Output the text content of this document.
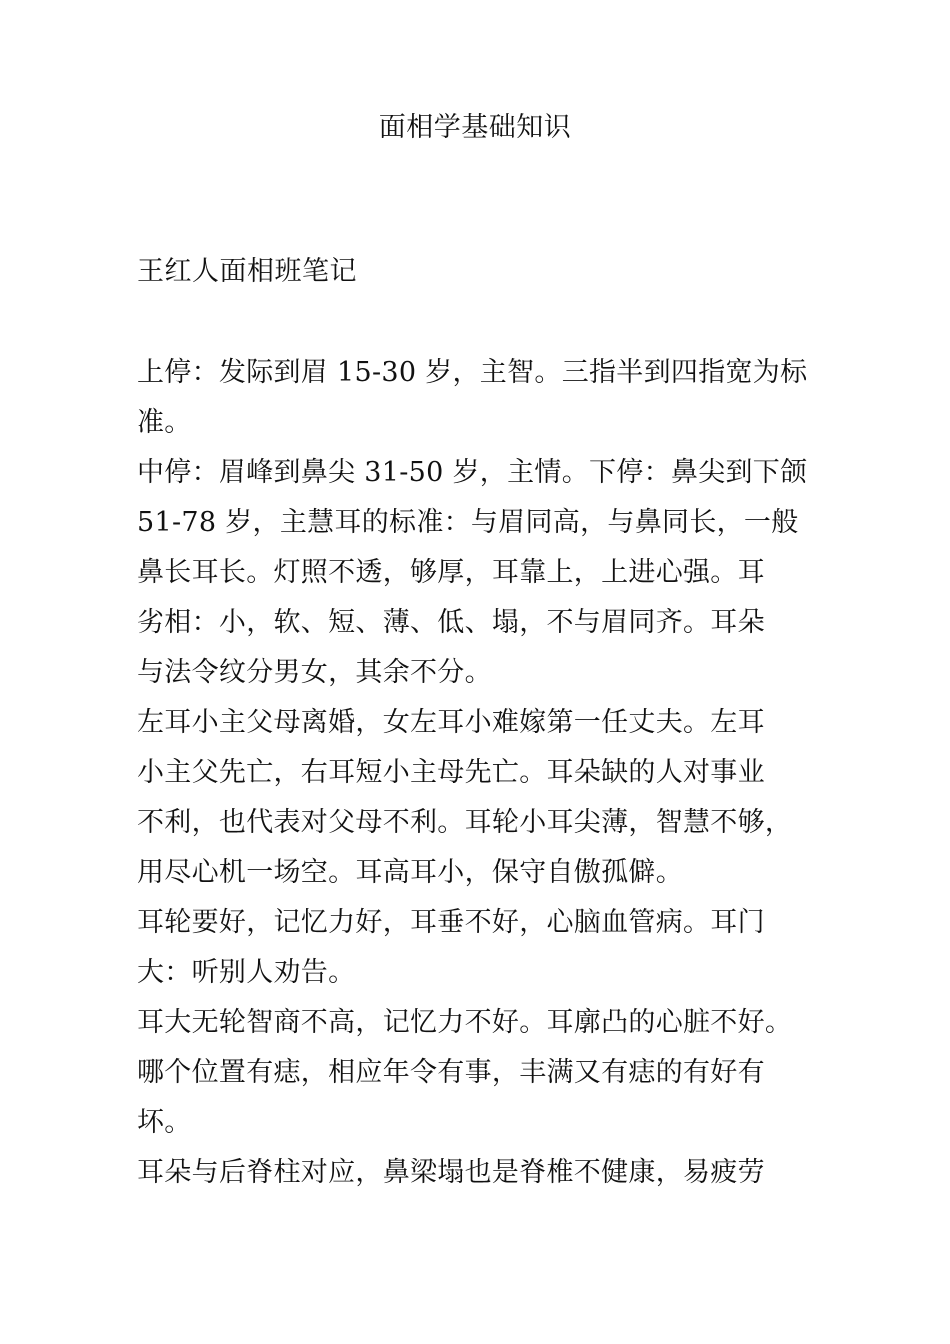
面相学基础知识
王红人面相班笔记
上停：发际到眉 15-30 岁，主智。三指半到四指宽为标
准。
中停：眉峰到鼻尖 31-50 岁，主情。下停：鼻尖到下颌
51-78 岁，主慧耳的标准：与眉同高，与鼻同长，一般
鼻长耳长。灯照不透，够厚，耳靠上，上进心强。耳
劣相：小，软、短、薄、低、塌，不与眉同齐。耳朵
与法令纹分男女，其余不分。
左耳小主父母离婚，女左耳小难嫁第一任丈夫。左耳
小主父先亡，右耳短小主母先亡。耳朵缺的人对事业
不利，也代表对父母不利。耳轮小耳尖薄，智慧不够，
用尽心机一场空。耳高耳小，保守自傲孤僻。
耳轮要好，记忆力好，耳垂不好，心脑血管病。耳门
大：听别人劝告。
耳大无轮智商不高，记忆力不好。耳廓凸的心脏不好。
哪个位置有痣，相应年令有事，丰满又有痣的有好有
坏。
耳朵与后脊柱对应，鼻梁塌也是脊椎不健康，易疲劳
